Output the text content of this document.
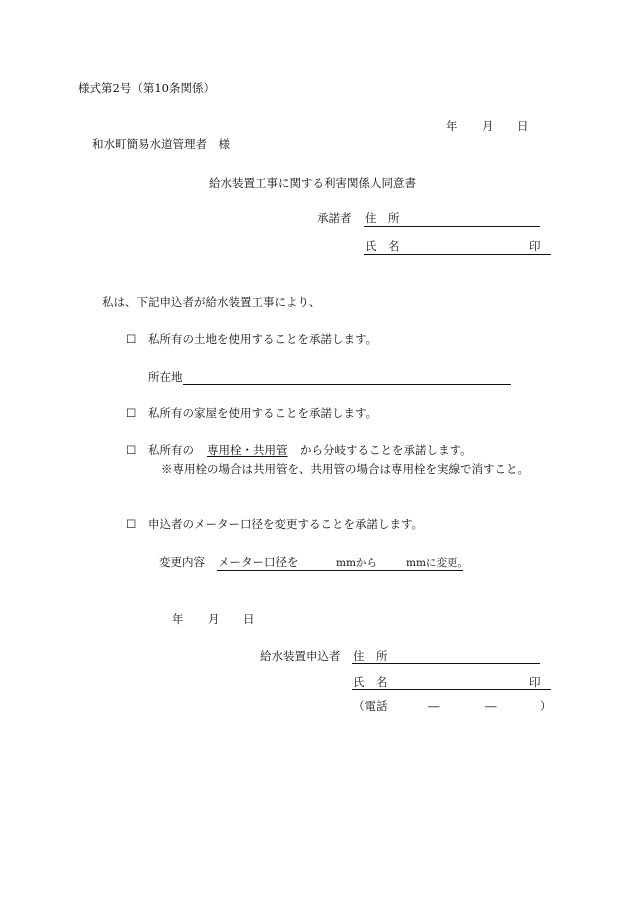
様式第2号（第10条関係）
年 月 日
和水町簡易水道管理者　様
給水装置工事に関する利害関係人同意書
承諾者 住　所
氏　名	印
私は、下記申込者が給水装置工事により、
☐ 私所有の土地を使用することを承諾します。
所在地
☐ 私所有の家屋を使用することを承諾します。
☐ 私所有の 専用栓・共用管 から分岐することを承諾します。
※専用栓の場合は共用管を、共用管の場合は専用栓を実線で消すこと。
☐ 申込者のメーター口径を変更することを承諾します。
変更内容 メーター口径を	mmから	mmに変更。
年 月 日
給水装置申込者 住　所
氏　名	印
（電話	―	―	）
